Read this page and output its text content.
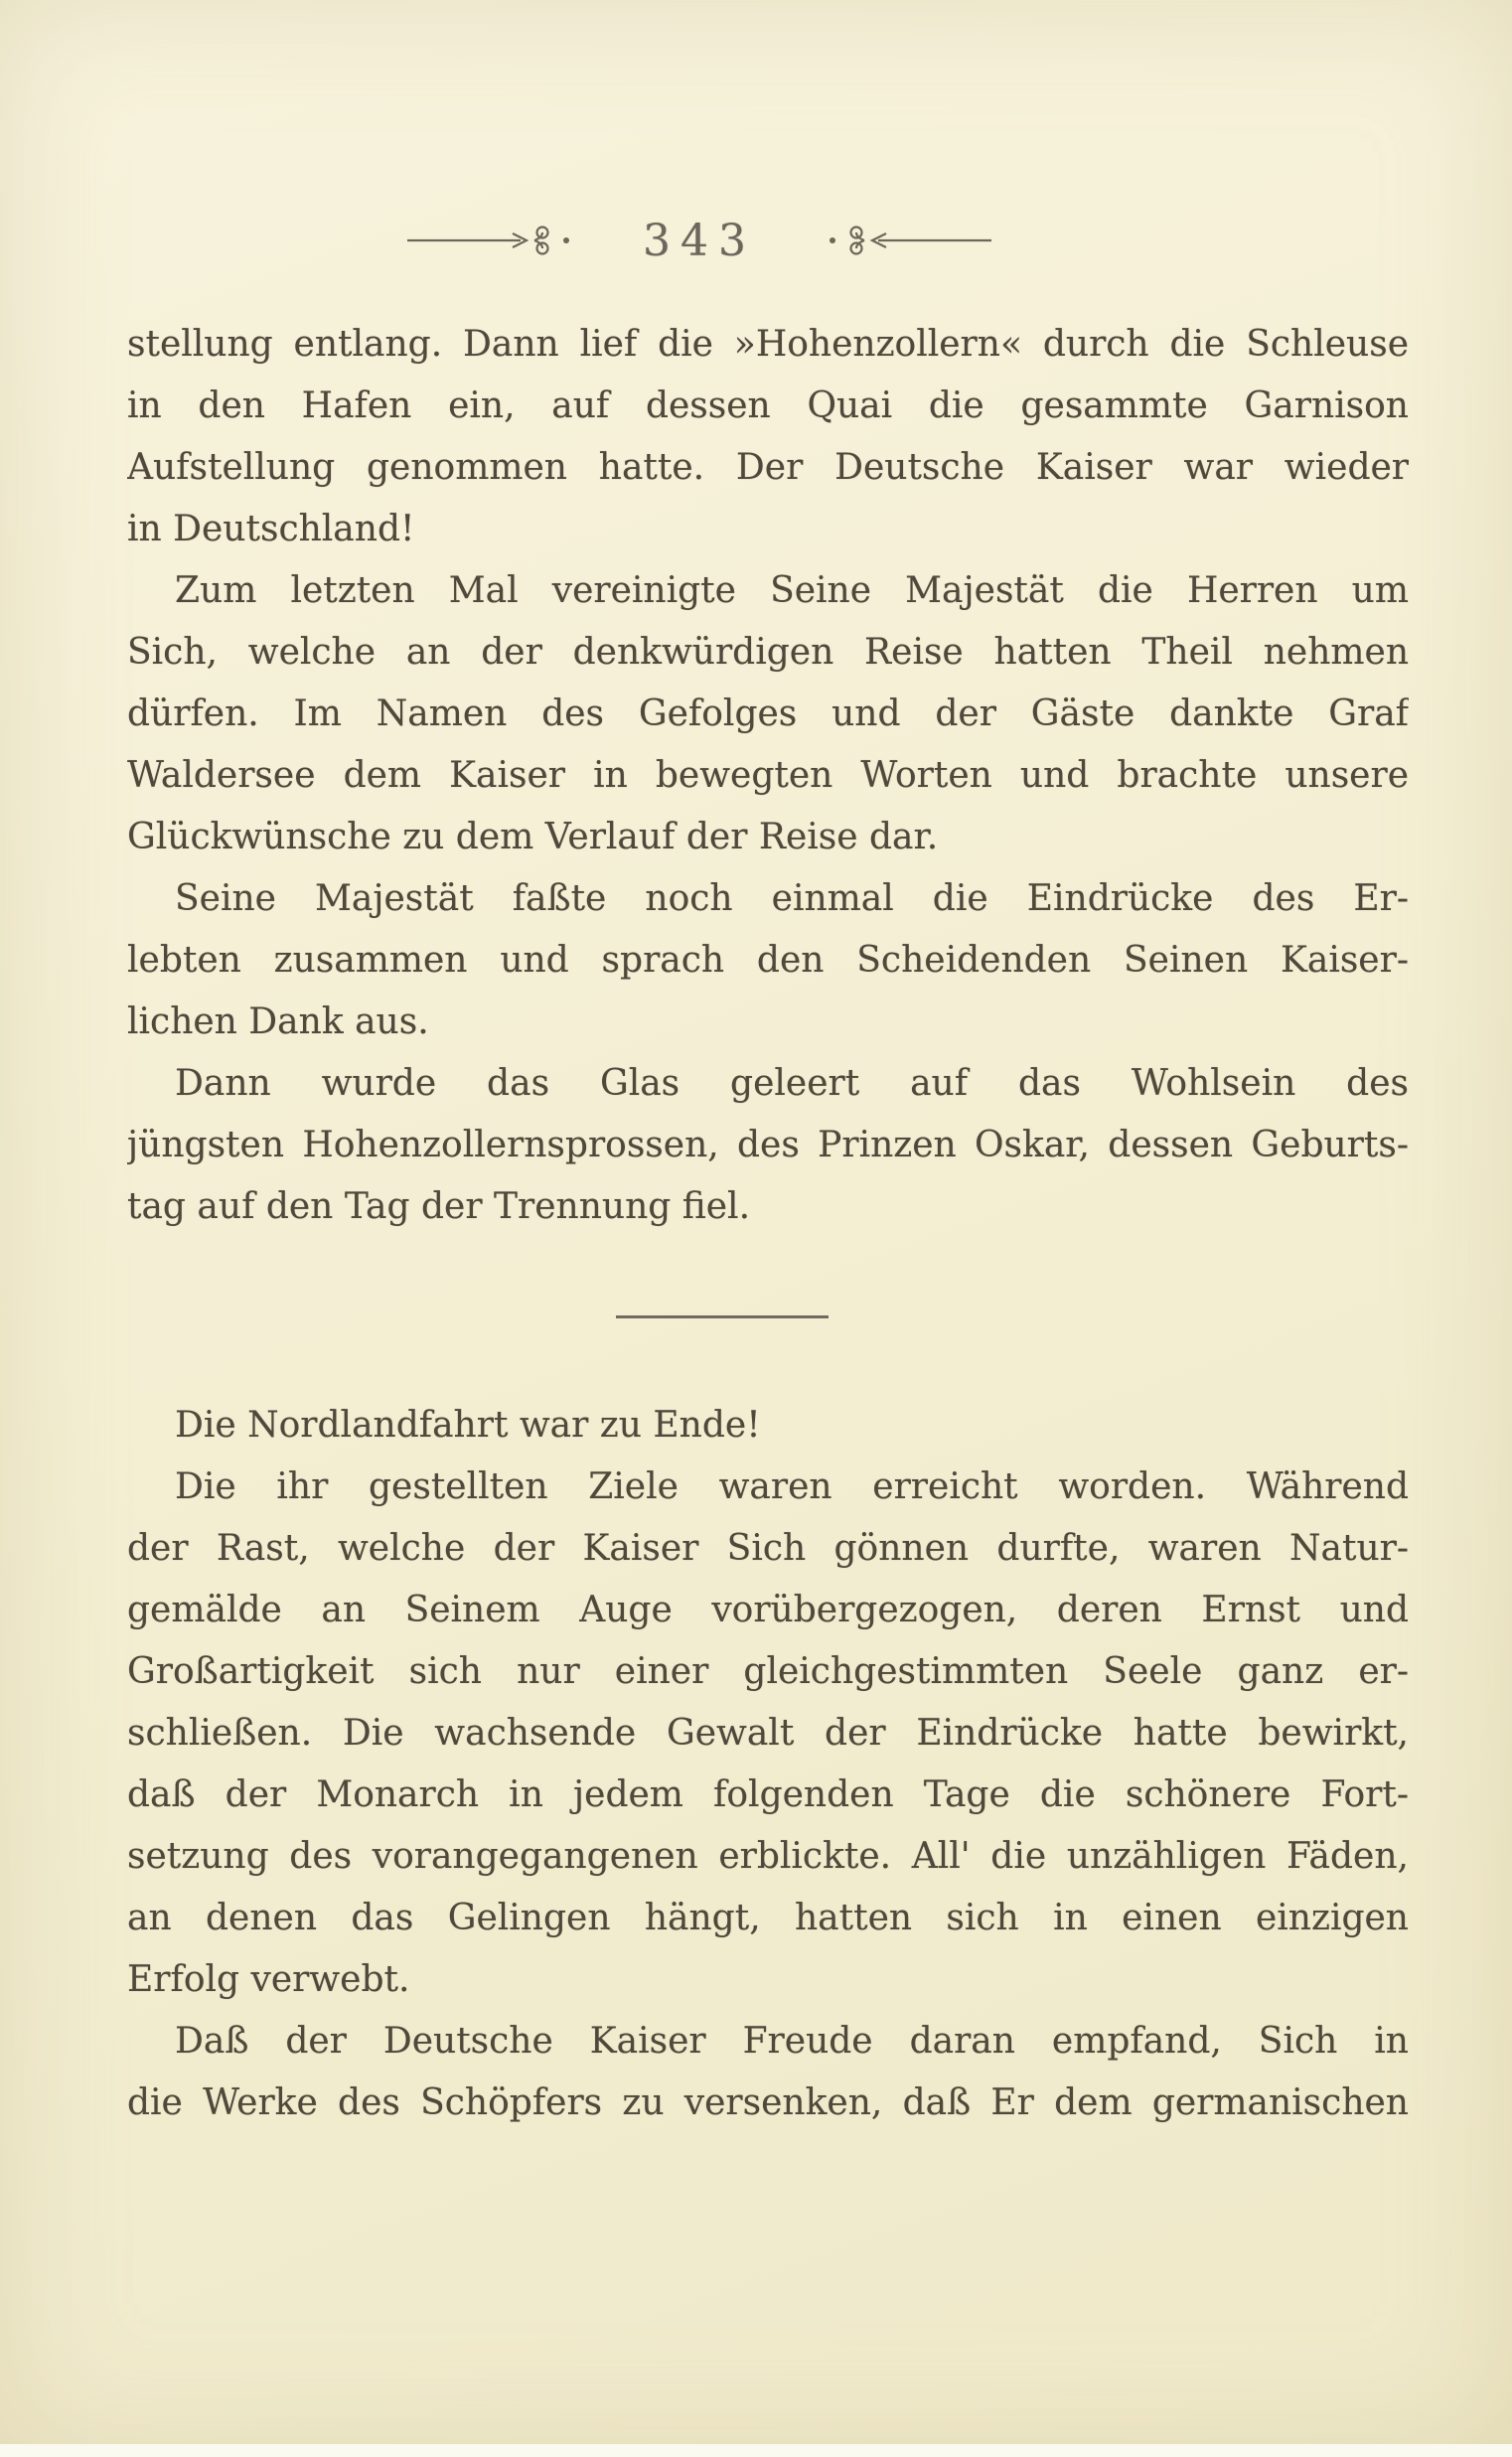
343
stellung entlang. Dann lief die »Hohenzollern« durch die Schleuse
in den Hafen ein, auf dessen Quai die gesammte Garnison
Aufstellung genommen hatte. Der Deutsche Kaiser war wieder
in Deutschland!
Zum letzten Mal vereinigte Seine Majestät die Herren um
Sich, welche an der denkwürdigen Reise hatten Theil nehmen
dürfen. Im Namen des Gefolges und der Gäste dankte Graf
Waldersee dem Kaiser in bewegten Worten und brachte unsere
Glückwünsche zu dem Verlauf der Reise dar.
Seine Majestät faßte noch einmal die Eindrücke des Er-
lebten zusammen und sprach den Scheidenden Seinen Kaiser-
lichen Dank aus.
Dann wurde das Glas geleert auf das Wohlsein des
jüngsten Hohenzollernsprossen, des Prinzen Oskar, dessen Geburts-
tag auf den Tag der Trennung fiel.
Die Nordlandfahrt war zu Ende!
Die ihr gestellten Ziele waren erreicht worden. Während
der Rast, welche der Kaiser Sich gönnen durfte, waren Natur-
gemälde an Seinem Auge vorübergezogen, deren Ernst und
Großartigkeit sich nur einer gleichgestimmten Seele ganz er-
schließen. Die wachsende Gewalt der Eindrücke hatte bewirkt,
daß der Monarch in jedem folgenden Tage die schönere Fort-
setzung des vorangegangenen erblickte. All' die unzähligen Fäden,
an denen das Gelingen hängt, hatten sich in einen einzigen
Erfolg verwebt.
Daß der Deutsche Kaiser Freude daran empfand, Sich in
die Werke des Schöpfers zu versenken, daß Er dem germanischen
